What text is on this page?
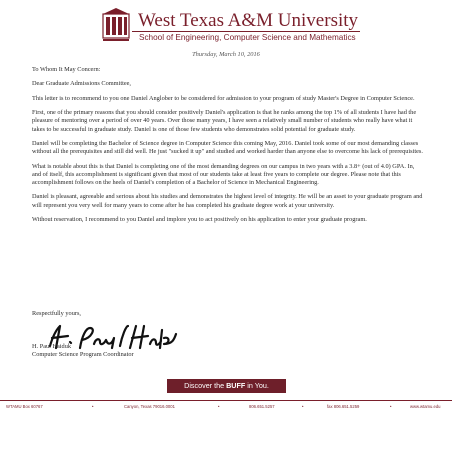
West Texas A&M University
School of Engineering, Computer Science and Mathematics
Thursday, March 10, 2016

To Whom It May Concern:

Dear Graduate Admissions Committee,

This letter is to recommend to you one Daniel Anglober to be considered for admission to your program of study Master's Degree in Computer Science.

First, one of the primary reasons that you should consider positively Daniel's application is that he ranks among the top 1% of all students I have had the pleasure of mentoring over a period of over 40 years. Over those many years, I have seen a relatively small number of students who really have what it takes to be successful in graduate study. Daniel is one of those few students who demonstrates solid potential for graduate study.

Daniel will be completing the Bachelor of Science degree in Computer Science this coming May, 2016. Daniel took some of our most demanding classes without all the prerequisites and still did well. He just "sucked it up" and studied and worked harder than anyone else to overcome his lack of prerequisites.

What is notable about this is that Daniel is completing one of the most demanding degrees on our campus in two years with a 3.8+ (out of 4.0) GPA. In, and of itself, this accomplishment is significant given that most of our students take at least five years to complete our degree. Please note that this accomplishment follows on the heels of Daniel's completion of a Bachelor of Science in Mechanical Engineering.

Daniel is pleasant, agreeable and serious about his studies and demonstrates the highest level of integrity. He will be an asset to your graduate program and will represent you very well for many years to come after he has completed his graduate degree work at your university.

Without reservation, I recommend to you Daniel and implore you to act positively on his application to enter your graduate program.

Respectfully yours,
H. Paul Haiduk
Computer Science Program Coordinator
Discover the BUFF in You.
WTAMU Box 60767	•	Canyon, Texas 79016.0001	•	806.651.5257	•	fax 806.651.5259	•	www.wtamu.edu
